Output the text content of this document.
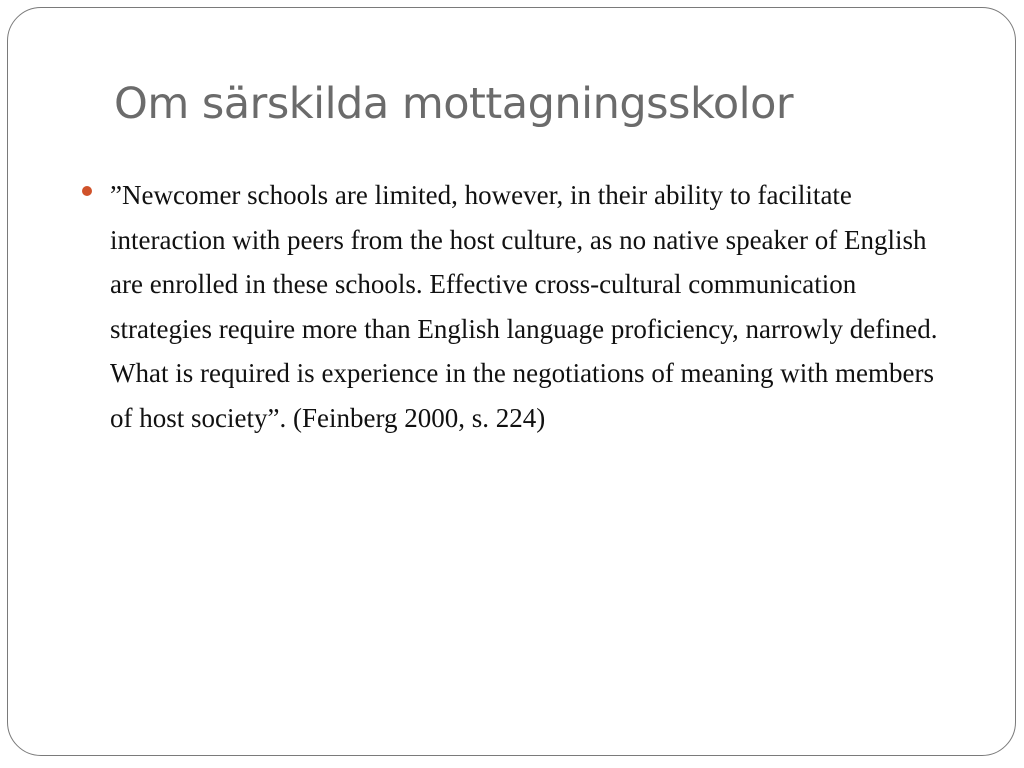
Om särskilda mottagningsskolor

”Newcomer schools are limited, however, in their ability to facilitate interaction with peers from the host culture, as no native speaker of English are enrolled in these schools. Effective cross-cultural communication strategies require more than English language proficiency, narrowly defined. What is required is experience in the negotiations of meaning with members of host society”. (Feinberg 2000, s. 224)
